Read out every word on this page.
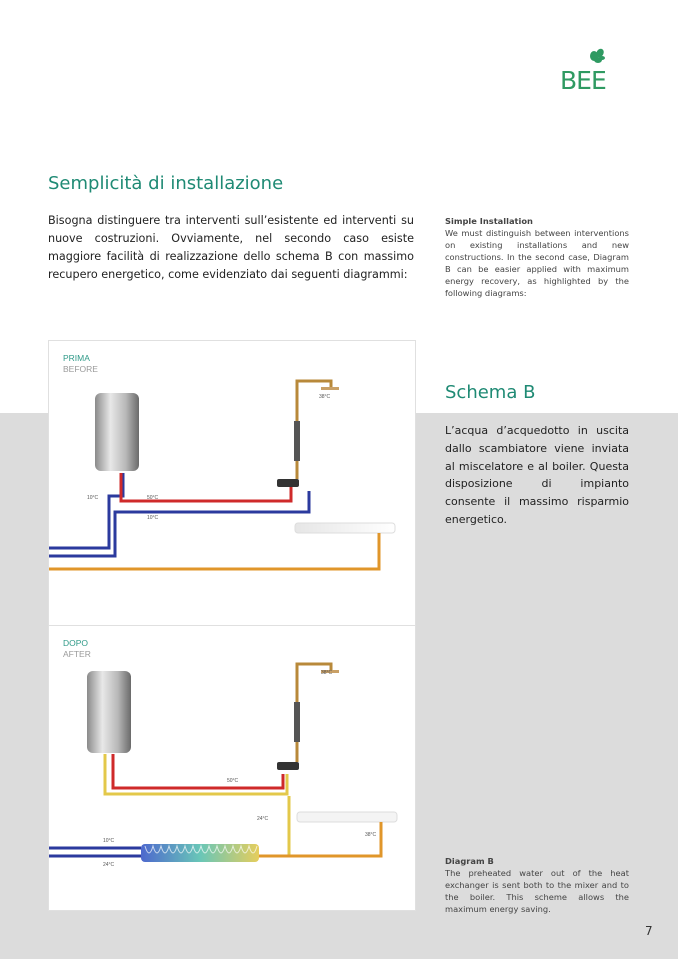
BEE
Semplicità di installazione
Bisogna distinguere tra interventi sull’esistente ed interventi su nuove costruzioni. Ovviamente, nel secondo caso esiste maggiore facilità di realizzazione dello schema B con massimo recupero energetico, come evidenziato dai seguenti diagrammi:
Simple Installation
We must distinguish between interventions on existing installations and new constructions. In the second case, Diagram B can be easier applied with maximum energy recovery, as highlighted by the following diagrams:
PRIMA
BEFORE
38°C
10°C	50°C
10°C
DOPO
AFTER
38°C
50°C
24°C
38°C
10°C
24°C
Schema B
L’acqua d’acquedotto in uscita dallo scambiatore viene inviata al miscelatore e al boiler. Questa disposizione di impianto consente il massimo risparmio energetico.
Diagram B
The preheated water out of the heat exchanger is sent both to the mixer and to the boiler. This scheme allows the maximum energy saving.
7
